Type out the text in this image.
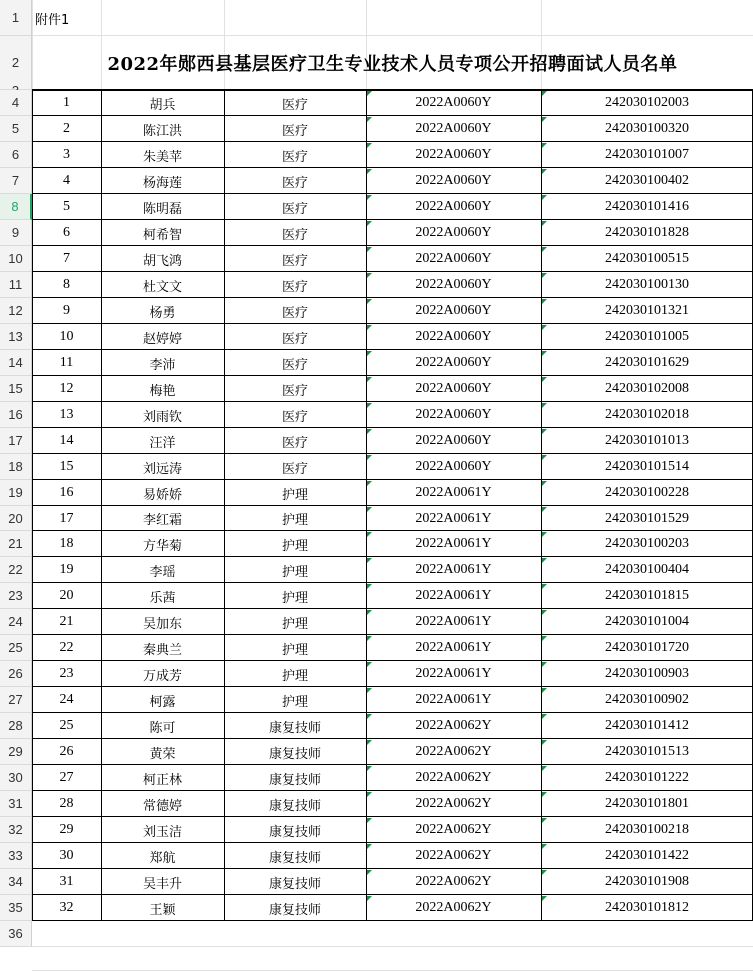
1
2
4
5
6
7
8
9
10
11
12
13
14
15
16
17
18
19
20
21
22
23
24
25
26
27
28
29
30
31
32
33
34
35
36
附件1
2022年郧西县基层医疗卫生专业技术人员专项公开招聘面试人员名单
1	胡兵	医疗	2022A0060Y	242030102003
2	陈江洪	医疗	2022A0060Y	242030100320
3	朱美苹	医疗	2022A0060Y	242030101007
4	杨海莲	医疗	2022A0060Y	242030100402
5	陈明磊	医疗	2022A0060Y	242030101416
6	柯希智	医疗	2022A0060Y	242030101828
7	胡飞鸿	医疗	2022A0060Y	242030100515
8	杜文文	医疗	2022A0060Y	242030100130
9	杨勇	医疗	2022A0060Y	242030101321
10	赵婷婷	医疗	2022A0060Y	242030101005
11	李沛	医疗	2022A0060Y	242030101629
12	梅艳	医疗	2022A0060Y	242030102008
13	刘雨钦	医疗	2022A0060Y	242030102018
14	汪洋	医疗	2022A0060Y	242030101013
15	刘远涛	医疗	2022A0060Y	242030101514
16	易娇娇	护理	2022A0061Y	242030100228
17	李红霜	护理	2022A0061Y	242030101529
18	方华菊	护理	2022A0061Y	242030100203
19	李瑶	护理	2022A0061Y	242030100404
20	乐茜	护理	2022A0061Y	242030101815
21	吴加东	护理	2022A0061Y	242030101004
22	秦典兰	护理	2022A0061Y	242030101720
23	万成芳	护理	2022A0061Y	242030100903
24	柯露	护理	2022A0061Y	242030100902
25	陈可	康复技师	2022A0062Y	242030101412
26	黄荣	康复技师	2022A0062Y	242030101513
27	柯正林	康复技师	2022A0062Y	242030101222
28	常德婷	康复技师	2022A0062Y	242030101801
29	刘玉洁	康复技师	2022A0062Y	242030100218
30	郑航	康复技师	2022A0062Y	242030101422
31	吴丰升	康复技师	2022A0062Y	242030101908
32	王颖	康复技师	2022A0062Y	242030101812
